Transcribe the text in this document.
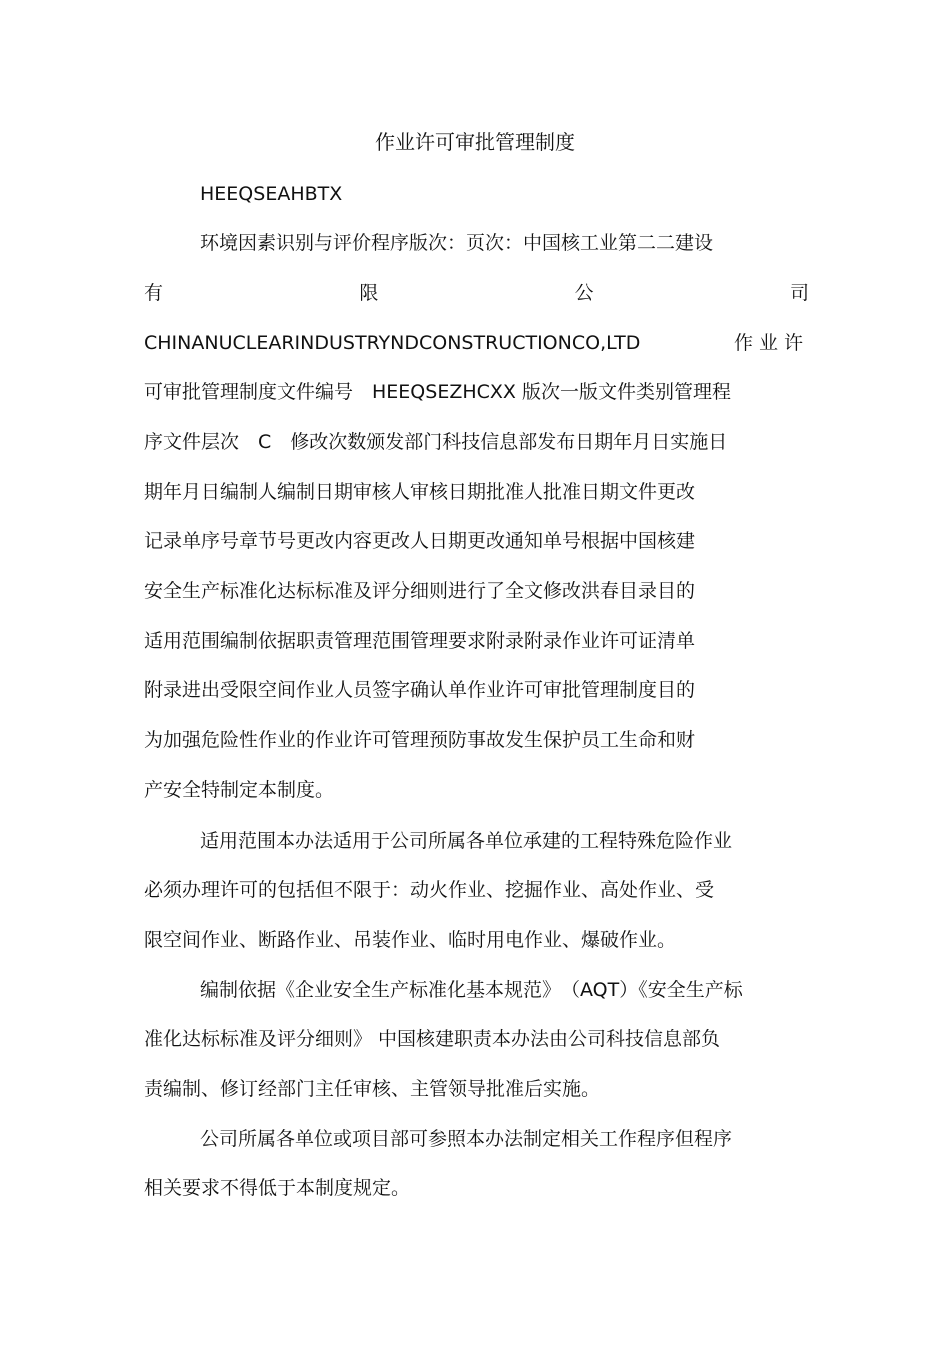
作业许可审批管理制度
HEEQSEAHBTX
环境因素识别与评价程序版次：页次：中国核工业第二二建设
有	限	公	司
CHINANUCLEARINDUSTRYNDCONSTRUCTIONCO,LTD	作业许
可审批管理制度文件编号　HEEQSEZHCXX 版次一版文件类别管理程
序文件层次　C　修改次数颁发部门科技信息部发布日期年月日实施日
期年月日编制人编制日期审核人审核日期批准人批准日期文件更改
记录单序号章节号更改内容更改人日期更改通知单号根据中国核建
安全生产标准化达标标准及评分细则进行了全文修改洪春目录目的
适用范围编制依据职责管理范围管理要求附录附录作业许可证清单
附录进出受限空间作业人员签字确认单作业许可审批管理制度目的
为加强危险性作业的作业许可管理预防事故发生保护员工生命和财
产安全特制定本制度。
适用范围本办法适用于公司所属各单位承建的工程特殊危险作业
必须办理许可的包括但不限于：动火作业、挖掘作业、高处作业、受
限空间作业、断路作业、吊装作业、临时用电作业、爆破作业。
编制依据《企业安全生产标准化基本规范》　（AQT）《安全生产标
准化达标标准及评分细则》 中国核建职责本办法由公司科技信息部负
责编制、修订经部门主任审核、主管领导批准后实施。
公司所属各单位或项目部可参照本办法制定相关工作程序但程序
相关要求不得低于本制度规定。
